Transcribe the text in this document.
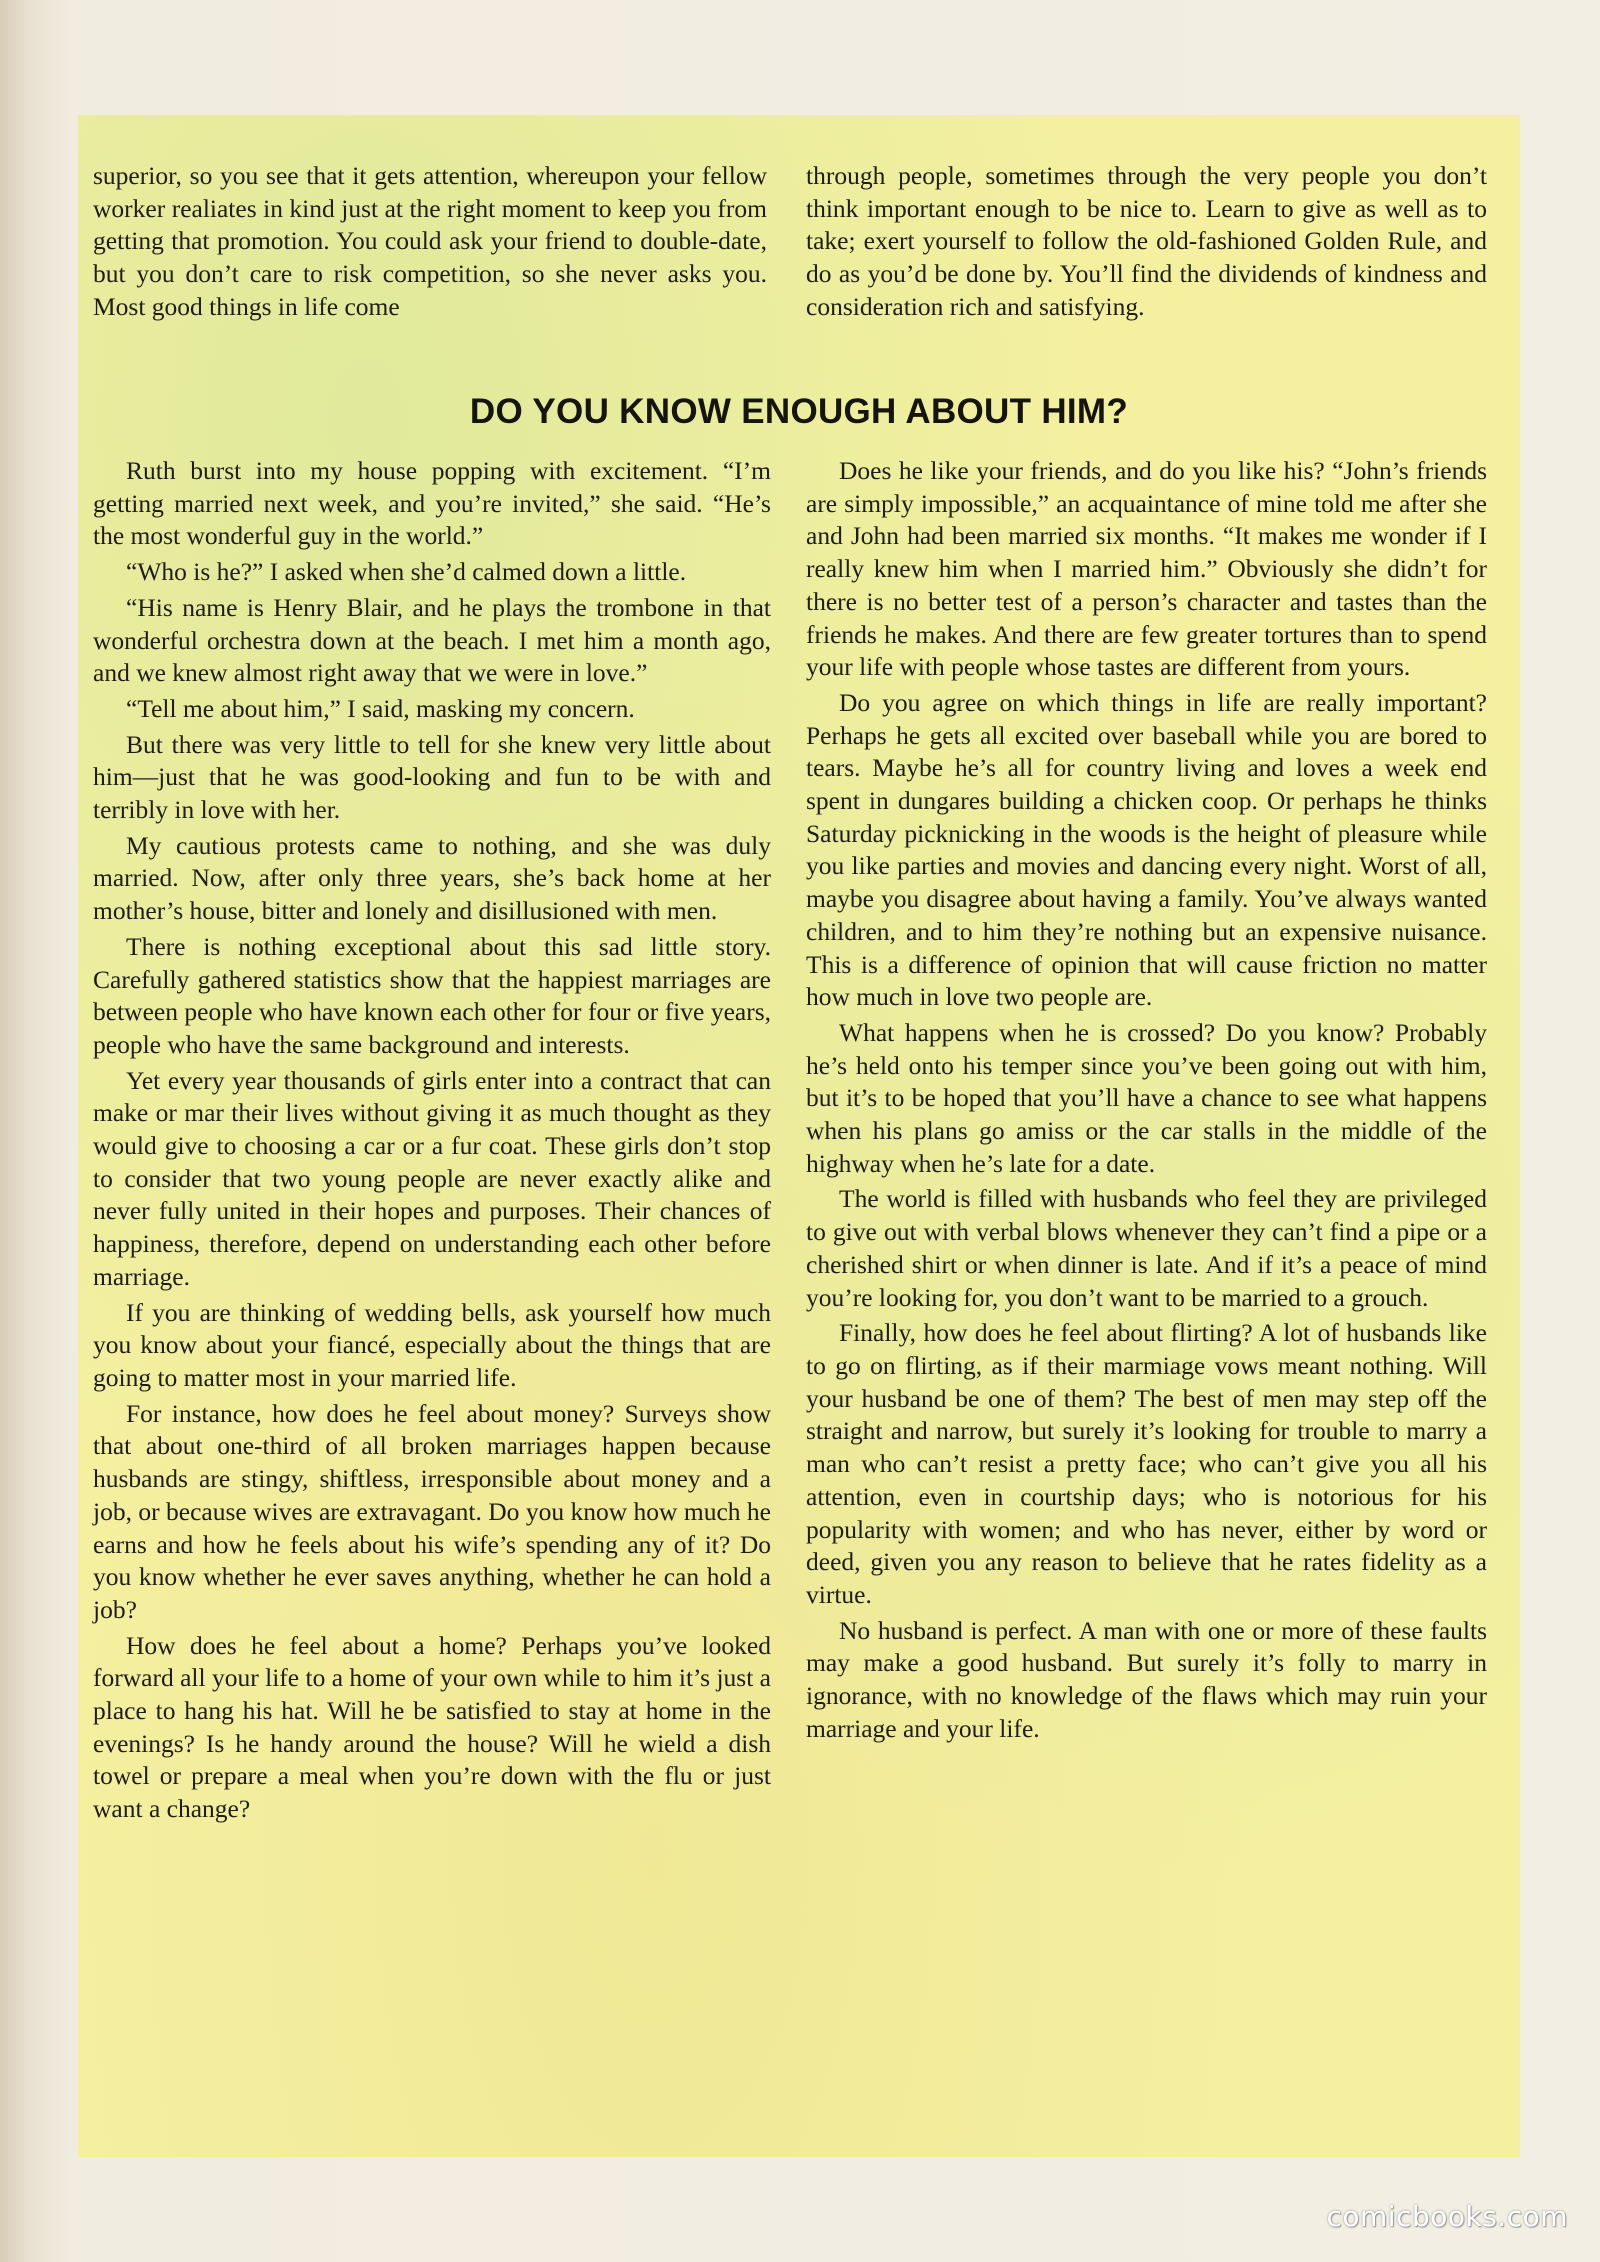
superior, so you see that it gets attention, whereupon your fellow worker realiates in kind just at the right moment to keep you from getting that promotion. You could ask your friend to double-date, but you don’t care to risk competition, so she never asks you. Most good things in life come

through people, sometimes through the very people you don’t think important enough to be nice to. Learn to give as well as to take; exert yourself to follow the old-fashioned Golden Rule, and do as you’d be done by. You’ll find the dividends of kindness and consideration rich and satisfying.

DO YOU KNOW ENOUGH ABOUT HIM?

Ruth burst into my house popping with excitement. “I’m getting married next week, and you’re invited,” she said. “He’s the most wonderful guy in the world.”

“Who is he?” I asked when she’d calmed down a little.

“His name is Henry Blair, and he plays the trombone in that wonderful orchestra down at the beach. I met him a month ago, and we knew almost right away that we were in love.”

“Tell me about him,” I said, masking my concern.

But there was very little to tell for she knew very little about him—just that he was good-looking and fun to be with and terribly in love with her.

My cautious protests came to nothing, and she was duly married. Now, after only three years, she’s back home at her mother’s house, bitter and lonely and disillusioned with men.

There is nothing exceptional about this sad little story. Carefully gathered statistics show that the happiest marriages are between people who have known each other for four or five years, people who have the same background and interests.

Yet every year thousands of girls enter into a contract that can make or mar their lives without giving it as much thought as they would give to choosing a car or a fur coat. These girls don’t stop to consider that two young people are never exactly alike and never fully united in their hopes and purposes. Their chances of happiness, therefore, depend on understanding each other before marriage.

If you are thinking of wedding bells, ask yourself how much you know about your fiancé, especially about the things that are going to matter most in your married life.

For instance, how does he feel about money? Surveys show that about one-third of all broken marriages happen because husbands are stingy, shiftless, irresponsible about money and a job, or because wives are extravagant. Do you know how much he earns and how he feels about his wife’s spending any of it? Do you know whether he ever saves anything, whether he can hold a job?

How does he feel about a home? Perhaps you’ve looked forward all your life to a home of your own while to him it’s just a place to hang his hat. Will he be satisfied to stay at home in the evenings? Is he handy around the house? Will he wield a dish towel or prepare a meal when you’re down with the flu or just want a change?

Does he like your friends, and do you like his? “John’s friends are simply impossible,” an acquaintance of mine told me after she and John had been married six months. “It makes me wonder if I really knew him when I married him.” Obviously she didn’t for there is no better test of a person’s character and tastes than the friends he makes. And there are few greater tortures than to spend your life with people whose tastes are different from yours.

Do you agree on which things in life are really important? Perhaps he gets all excited over baseball while you are bored to tears. Maybe he’s all for country living and loves a week end spent in dungares building a chicken coop. Or perhaps he thinks Saturday picknicking in the woods is the height of pleasure while you like parties and movies and dancing every night. Worst of all, maybe you disagree about having a family. You’ve always wanted children, and to him they’re nothing but an expensive nuisance. This is a difference of opinion that will cause friction no matter how much in love two people are.

What happens when he is crossed? Do you know? Probably he’s held onto his temper since you’ve been going out with him, but it’s to be hoped that you’ll have a chance to see what happens when his plans go amiss or the car stalls in the middle of the highway when he’s late for a date.

The world is filled with husbands who feel they are privileged to give out with verbal blows whenever they can’t find a pipe or a cherished shirt or when dinner is late. And if it’s a peace of mind you’re looking for, you don’t want to be married to a grouch.

Finally, how does he feel about flirting? A lot of husbands like to go on flirting, as if their marmiage vows meant nothing. Will your husband be one of them? The best of men may step off the straight and narrow, but surely it’s looking for trouble to marry a man who can’t resist a pretty face; who can’t give you all his attention, even in courtship days; who is notorious for his popularity with women; and who has never, either by word or deed, given you any reason to believe that he rates fidelity as a virtue.

No husband is perfect. A man with one or more of these faults may make a good husband. But surely it’s folly to marry in ignorance, with no knowledge of the flaws which may ruin your marriage and your life.

comicbooks.com
